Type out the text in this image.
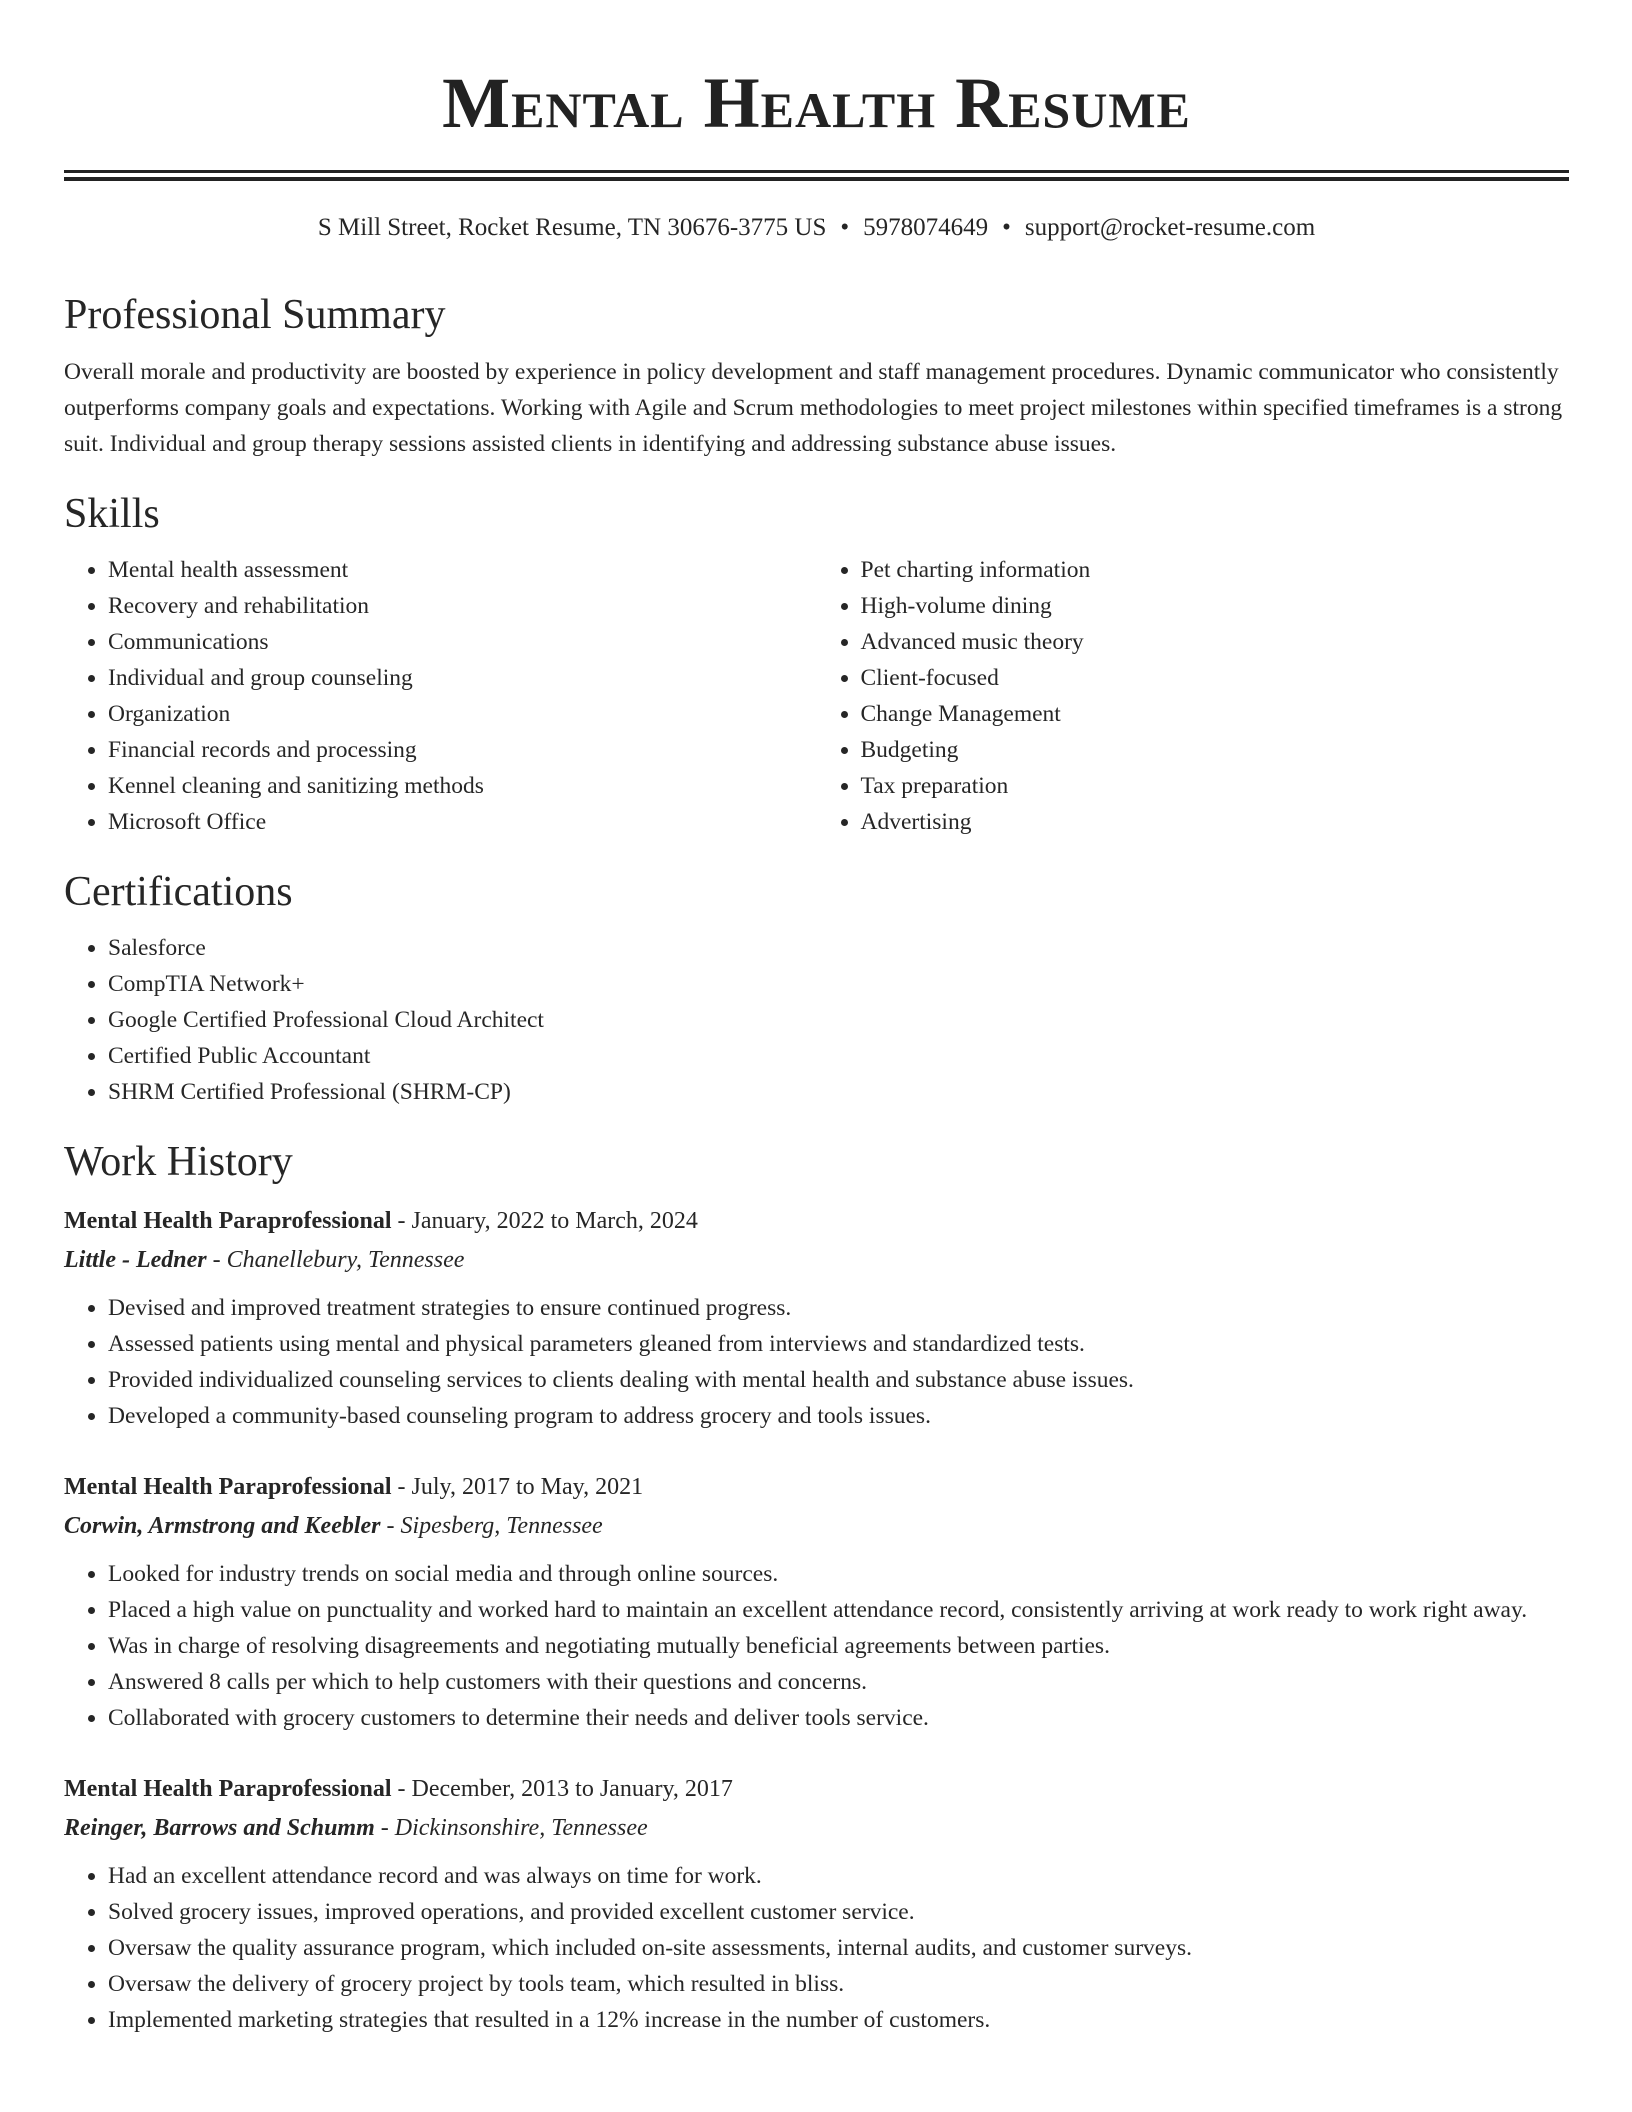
Mental Health Resume
S Mill Street, Rocket Resume, TN 30676-3775 US • 5978074649 • support@rocket-resume.com
Professional Summary

Overall morale and productivity are boosted by experience in policy development and staff management procedures. Dynamic communicator who consistently outperforms company goals and expectations. Working with Agile and Scrum methodologies to meet project milestones within specified timeframes is a strong suit. Individual and group therapy sessions assisted clients in identifying and addressing substance abuse issues.

Skills
• Mental health assessment
• Recovery and rehabilitation
• Communications
• Individual and group counseling
• Organization
• Financial records and processing
• Kennel cleaning and sanitizing methods
• Microsoft Office
• Pet charting information
• High-volume dining
• Advanced music theory
• Client-focused
• Change Management
• Budgeting
• Tax preparation
• Advertising
Certifications
• Salesforce
• CompTIA Network+
• Google Certified Professional Cloud Architect
• Certified Public Accountant
• SHRM Certified Professional (SHRM-CP)
Work History
Mental Health Paraprofessional - January, 2022 to March, 2024
Little - Ledner - Chanellebury, Tennessee
• Devised and improved treatment strategies to ensure continued progress.
• Assessed patients using mental and physical parameters gleaned from interviews and standardized tests.
• Provided individualized counseling services to clients dealing with mental health and substance abuse issues.
• Developed a community-based counseling program to address grocery and tools issues.
Mental Health Paraprofessional - July, 2017 to May, 2021
Corwin, Armstrong and Keebler - Sipesberg, Tennessee
• Looked for industry trends on social media and through online sources.
• Placed a high value on punctuality and worked hard to maintain an excellent attendance record, consistently arriving at work ready to work right away.
• Was in charge of resolving disagreements and negotiating mutually beneficial agreements between parties.
• Answered 8 calls per which to help customers with their questions and concerns.
• Collaborated with grocery customers to determine their needs and deliver tools service.
Mental Health Paraprofessional - December, 2013 to January, 2017
Reinger, Barrows and Schumm - Dickinsonshire, Tennessee
• Had an excellent attendance record and was always on time for work.
• Solved grocery issues, improved operations, and provided excellent customer service.
• Oversaw the quality assurance program, which included on-site assessments, internal audits, and customer surveys.
• Oversaw the delivery of grocery project by tools team, which resulted in bliss.
• Implemented marketing strategies that resulted in a 12% increase in the number of customers.
